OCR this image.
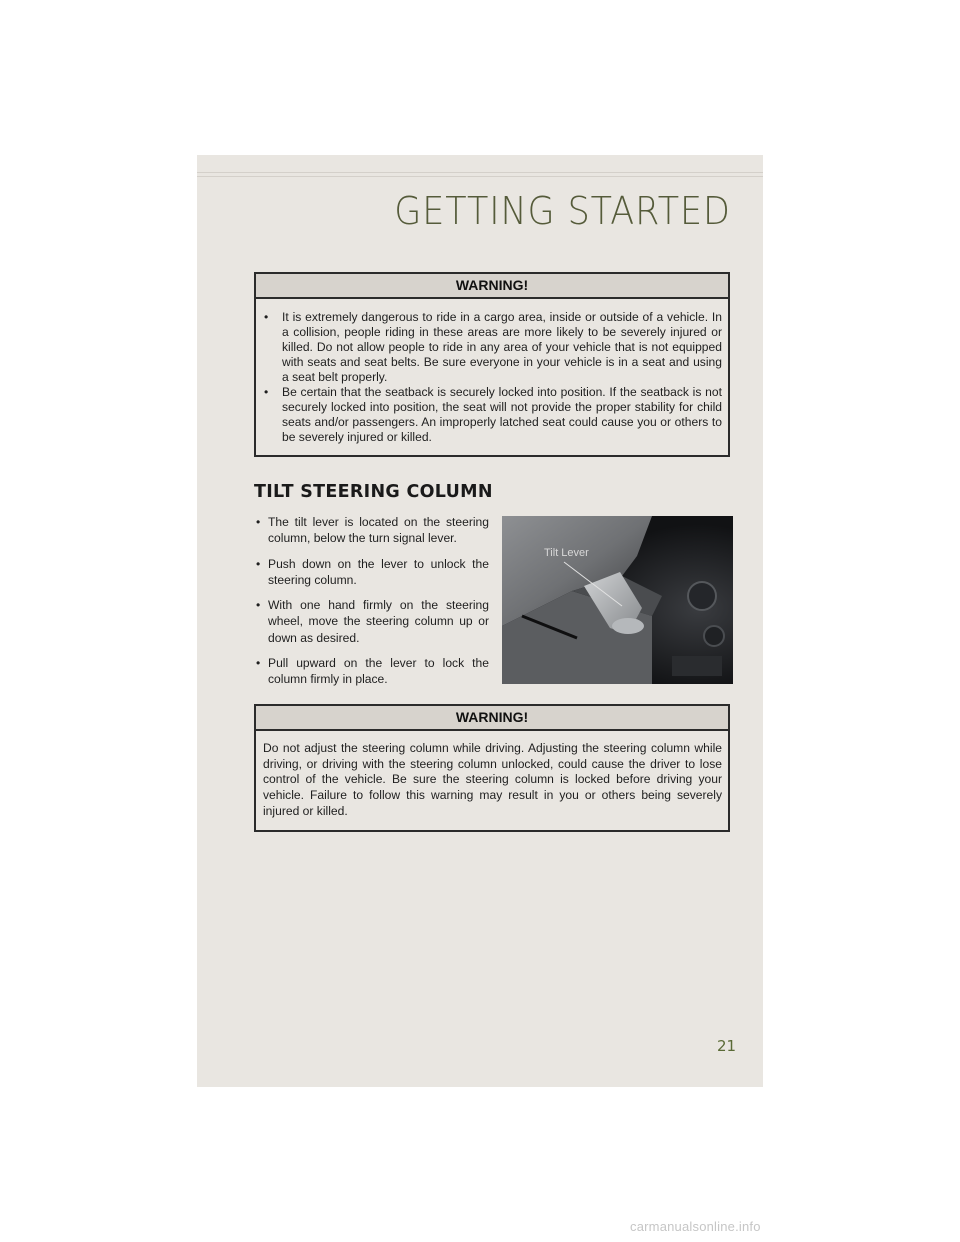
GETTING STARTED
WARNING!
• It is extremely dangerous to ride in a cargo area, inside or outside of a vehicle. In a collision, people riding in these areas are more likely to be severely injured or killed. Do not allow people to ride in any area of your vehicle that is not equipped with seats and seat belts. Be sure everyone in your vehicle is in a seat and using a seat belt properly.
• Be certain that the seatback is securely locked into position. If the seatback is not securely locked into position, the seat will not provide the proper stability for child seats and/or passengers. An improperly latched seat could cause you or others to be severely injured or killed.
TILT STEERING COLUMN
• The tilt lever is located on the steering column, below the turn signal lever.
• Push down on the lever to unlock the steering column.
• With one hand firmly on the steering wheel, move the steering column up or down as desired.
• Pull upward on the lever to lock the column firmly in place.
Tilt Lever
WARNING!

Do not adjust the steering column while driving. Adjusting the steering column while driving, or driving with the steering column unlocked, could cause the driver to lose control of the vehicle. Be sure the steering column is locked before driving your vehicle. Failure to follow this warning may result in you or others being severely injured or killed.

21
carmanualsonline.info
